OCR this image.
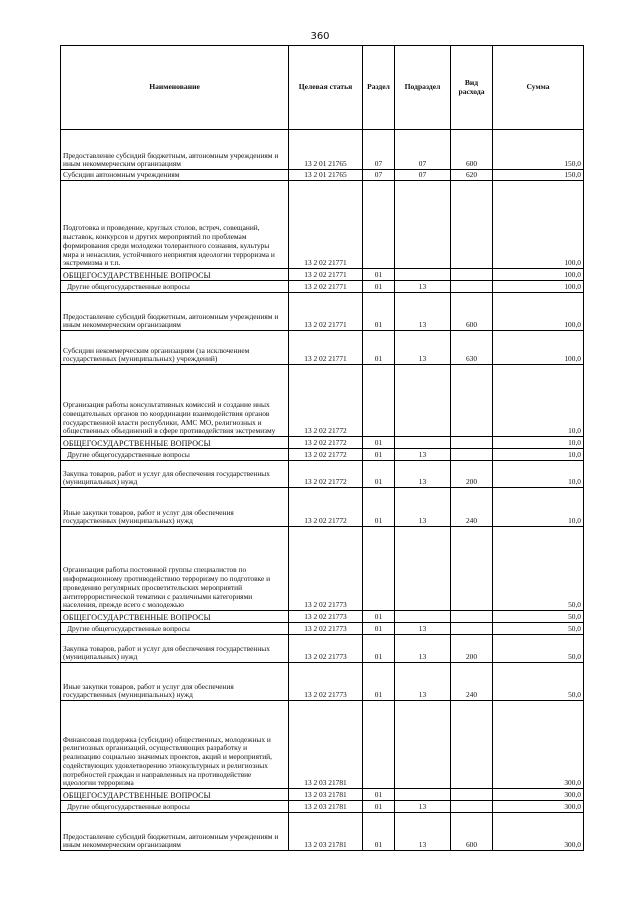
360
Наименование	Целевая статья	Раздел	Подраздел	Вид расхода	Сумма
Предоставление субсидий бюджетным, автономным учреждениям и иным некоммерческим организациям	13 2 01 21765	07	07	600	150,0
Субсидии автономным учреждениям	13 2 01 21765	07	07	620	150,0
Подготовка и проведение, круглых столов, встреч, совещаний, выставок, конкурсов и других мероприятий по проблемам формирования среди молодежи толерантного сознания, культуры мира и ненасилия, устойчивого неприятия идеологии терроризма и экстремизма и т.п.	13 2 02 21771				100,0
ОБЩЕГОСУДАРСТВЕННЫЕ ВОПРОСЫ	13 2 02 21771	01			100,0
Другие общегосударственные вопросы	13 2 02 21771	01	13		100,0
Предоставление субсидий бюджетным, автономным учреждениям и иным некоммерческим организациям	13 2 02 21771	01	13	600	100,0
Субсидии некоммерческим организациям (за исключением государственных (муниципальных) учреждений)	13 2 02 21771	01	13	630	100,0
Организация работы консультативных комиссий и создание иных совещательных органов по координации взаимодействия органов государственной власти республики, АМС МО, религиозных и общественных объединений в сфере противодействия экстремизму	13 2 02 21772				10,0
ОБЩЕГОСУДАРСТВЕННЫЕ ВОПРОСЫ	13 2 02 21772	01			10,0
Другие общегосударственные вопросы	13 2 02 21772	01	13		10,0
Закупка товаров, работ и услуг для обеспечения государственных (муниципальных) нужд	13 2 02 21772	01	13	200	10,0
Иные закупки товаров, работ и услуг для обеспечения государственных (муниципальных) нужд	13 2 02 21772	01	13	240	10,0
Организация работы постоянной группы специалистов по информационному противодействию терроризму по подготовке и проведению регулярных просветительских мероприятий антитеррористической тематики с различными категориями населения, прежде всего с молодежью	13 2 02 21773				50,0
ОБЩЕГОСУДАРСТВЕННЫЕ ВОПРОСЫ	13 2 02 21773	01			50,0
Другие общегосударственные вопросы	13 2 02 21773	01	13		50,0
Закупка товаров, работ и услуг для обеспечения государственных (муниципальных) нужд	13 2 02 21773	01	13	200	50,0
Иные закупки товаров, работ и услуг для обеспечения государственных (муниципальных) нужд	13 2 02 21773	01	13	240	50,0
Финансовая поддержка (субсидии) общественных, молодежных и религиозных организаций, осуществляющих разработку и реализацию социально значимых проектов, акций и мероприятий, содействующих удовлетворению этнокультурных и религиозных потребностей граждан и направленных на противодействие идеологии терроризма	13 2 03 21781				300,0
ОБЩЕГОСУДАРСТВЕННЫЕ ВОПРОСЫ	13 2 03 21781	01			300,0
Другие общегосударственные вопросы	13 2 03 21781	01	13		300,0
Предоставление субсидий бюджетным, автономным учреждениям и иным некоммерческим организациям	13 2 03 21781	01	13	600	300,0
